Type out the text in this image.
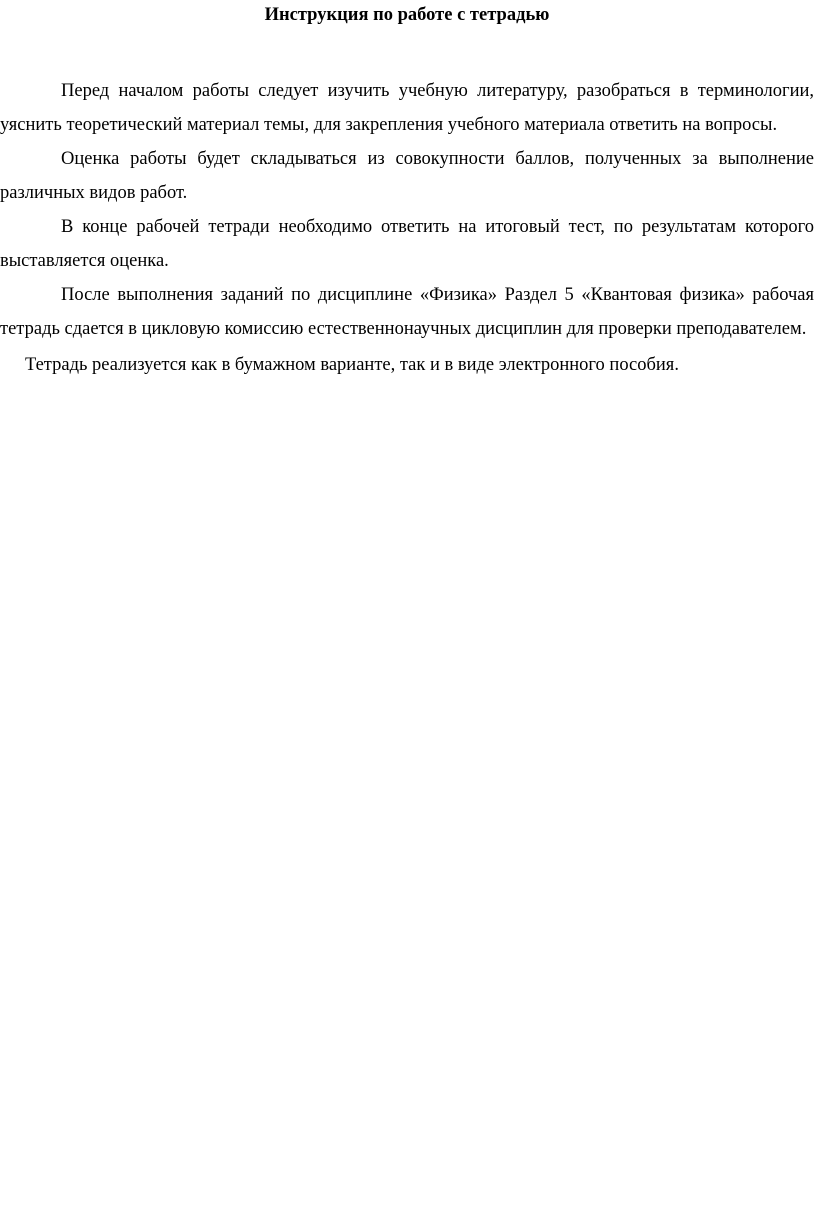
Инструкция по работе с тетрадью

Перед началом работы следует изучить учебную литературу, разобраться в терминологии, уяснить теоретический материал темы, для закрепления учебного материала ответить на вопросы.

Оценка работы будет складываться из совокупности баллов, полученных за выполнение различных видов работ.

В конце рабочей тетради необходимо ответить на итоговый тест, по результатам которого выставляется оценка.

После выполнения заданий по дисциплине «Физика» Раздел 5 «Квантовая физика» рабочая тетрадь сдается в цикловую комиссию естественнонаучных дисциплин для проверки преподавателем.

Тетрадь реализуется как в бумажном варианте, так и в виде электронного пособия.
